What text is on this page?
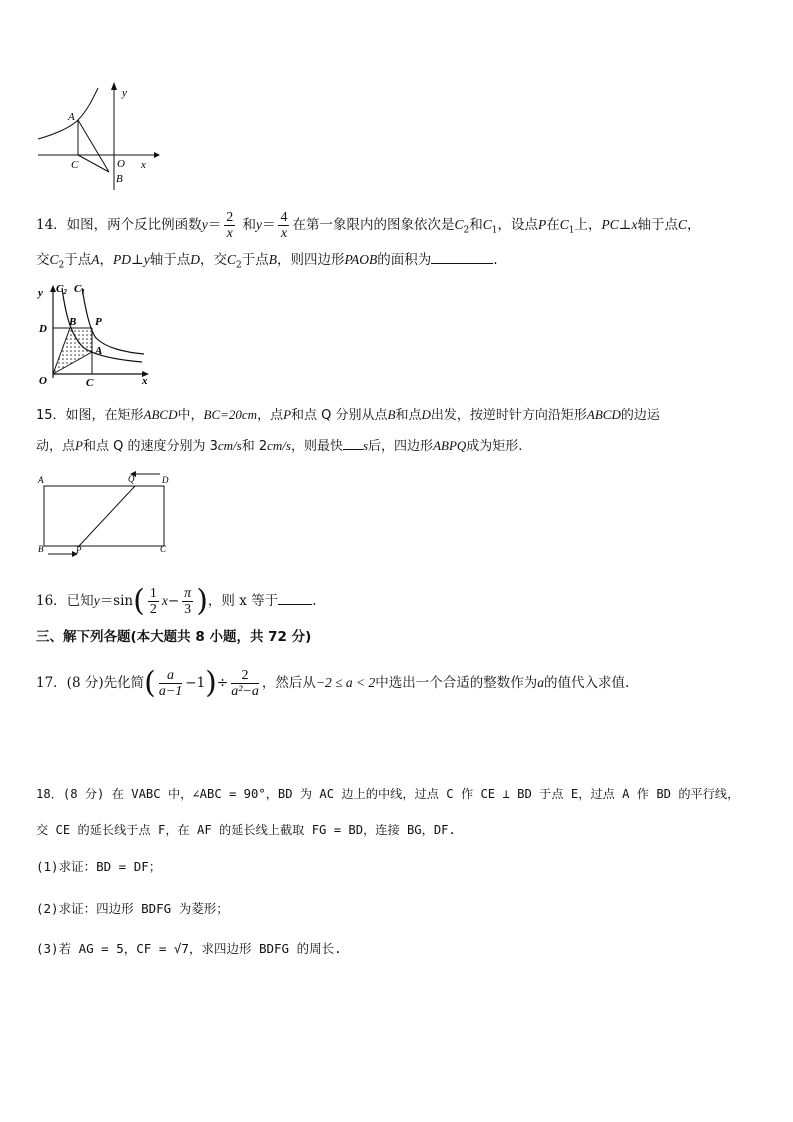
y
A
C	O x
B
14．如图，两个反比例函数$y= \frac{2}{x}$ 和$y= \frac{4}{x}$ 在第一象限内的图象依次是$C_2$和$C_1$，设点P在$C_1$上，PC⊥x轴于点C，
交$C_2$于点A，PD⊥y轴于点D，交$C_2$于点B，则四边形PAOB的面积为	.
y C2 C1
D
B P
A
O	C	x
15．如图，在矩形ABCD中，BC=20cm，点P和点 Q 分别从点B和点D出发，按逆时针方向沿矩形ABCD的边运
动，点P和点 Q 的速度分别为 3cm/s和 2cm/s，则最快 s后，四边形ABPQ成为矩形.
A	Q	D
B	P	C
16．已知$y=\sin( \frac{1}{2} x- \frac{\pi}{3}$ )，则 x 等于	.
三、解下列各题(本大题共 8 小题，共 72 分)
17．(8 分)先化简( $\frac{a}{a-1} -1)\div \frac{2}{\text{a²−a}}$ ，然后从−2 ≤ a < 2中选出一个合适的整数作为a的值代入求值.
18．(8 分) 在 VABC 中，∠ABC = 90°，BD 为 AC 边上的中线，过点 C 作 CE ⊥ BD 于点 E，过点 A 作 BD 的平行线，
交 CE 的延长线于点 F，在 AF 的延长线上截取 FG = BD，连接 BG，DF.
(1)求证：BD = DF；
(2)求证：四边形 BDFG 为菱形；
(3)若 AG = 5，CF = √7，求四边形 BDFG 的周长.
